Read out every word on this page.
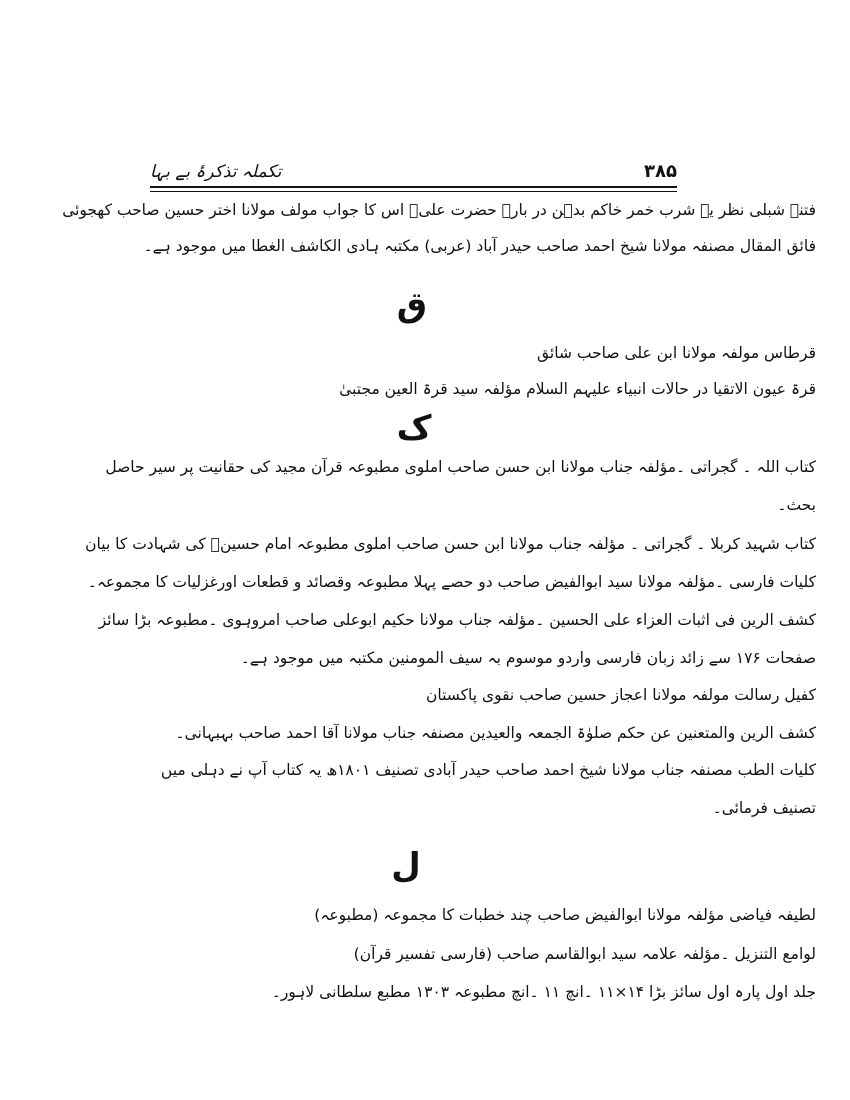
۳۸۵
تکملہ تذکرۂ بے بہا
فتنۂ شبلی نظر یہ شرب خمر خاکم بدہن در بارۂ حضرت علیؑ اس کا جواب مولف مولانا اختر حسین صاحب کھجوئی
فائق المقال مصنفہ مولانا شیخ احمد صاحب حیدر آباد (عربی) مکتبہ ہادی الکاشف الغطا میں موجود ہے۔
ق
قرطاس مولفہ مولانا ابن علی صاحب شائق
قرۃ عیون الاتقیا در حالات انبیاء علیہم السلام مؤلفہ سید قرۃ العین مجتبیٰ
ک
کتاب اللہ ۔ گجراتی ۔مؤلفہ جناب مولانا ابن حسن صاحب املوی مطبوعہ قرآن مجید کی حقانیت پر سیر حاصل
بحث۔
کتاب شہید کربلا ۔ گجراتی ۔ مؤلفہ جناب مولانا ابن حسن صاحب املوی مطبوعہ امام حسینؑ کی شہادت کا بیان
کلیات فارسی ۔مؤلفہ مولانا سید ابوالفیض صاحب دو حصے پہلا مطبوعہ وقصائد و قطعات اورغزلیات کا مجموعہ۔
کشف الرین فی اثبات العزاء علی الحسین ۔مؤلفہ جناب مولانا حکیم ابوعلی صاحب امروہوی ۔مطبوعہ بڑا سائز
صفحات ۱۷۶ سے زائد زبان فارسی واردو موسوم بہ سیف المومنین مکتبہ میں موجود ہے۔
کفیل رسالت مولفہ مولانا اعجاز حسین صاحب نقوی پاکستان
کشف الرین والمتعنین عن حکم صلوٰۃ الجمعہ والعیدین مصنفہ جناب مولانا آقا احمد صاحب بہبہانی۔
کلیات الطب مصنفہ جناب مولانا شیخ احمد صاحب حیدر آبادی تصنیف ۱۸۰۱ھ یہ کتاب آپ نے دہلی میں
تصنیف فرمائی۔
ل
لطیفہ فیاضی مؤلفہ مولانا ابوالفیض صاحب چند خطبات کا مجموعہ (مطبوعہ)
لوامع التنزیل ۔مؤلفہ علامہ سید ابوالقاسم صاحب (فارسی تفسیر قرآن)
جلد اول پارہ اول سائز بڑا ۱۴×۱۱ ۔انچ ۱۱ ۔انچ مطبوعہ ۱۳۰۳ مطبع سلطانی لاہور۔
